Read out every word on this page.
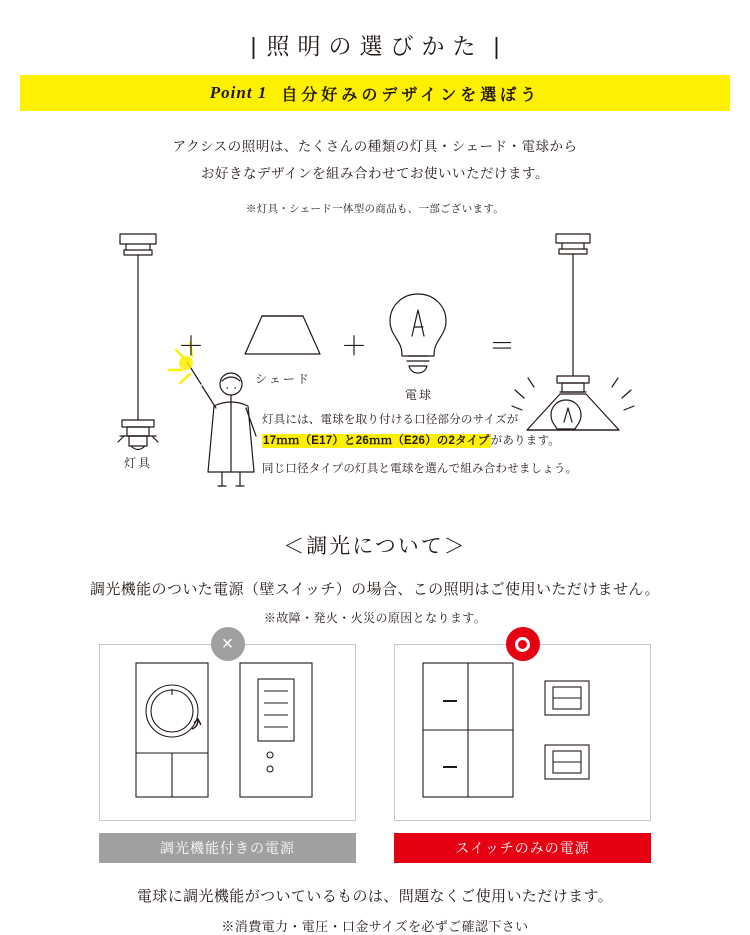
| 照明の選びかた |
Point 1 自分好みのデザインを選ぼう
アクシスの照明は、たくさんの種類の灯具・シェード・電球から
お好きなデザインを組み合わせてお使いいただけます。
※灯具・シェード一体型の商品も、一部ございます。
＋	＋	＝
灯具
シェード
電球
灯具には、電球を取り付ける口径部分のサイズが
17ｍｍ（E17）と26ｍｍ（E26）の2タイプがあります。
同じ口径タイプの灯具と電球を選んで組み合わせましょう。
＜調光について＞
調光機能のついた電源（壁スイッチ）の場合、この照明はご使用いただけません。
※故障・発火・火災の原因となります。
×
調光機能付きの電源	スイッチのみの電源
電球に調光機能がついているものは、問題なくご使用いただけます。
※消費電力・電圧・口金サイズを必ずご確認下さい
